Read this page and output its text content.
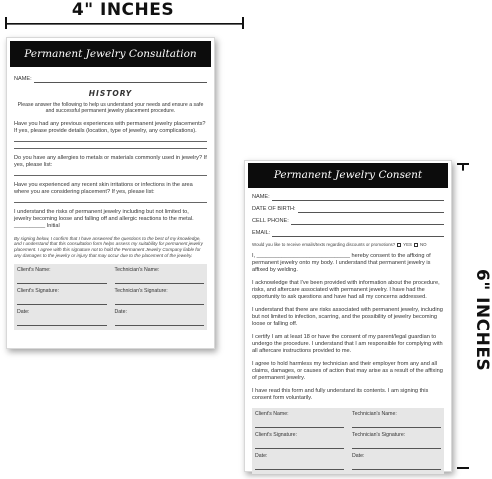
4" INCHES
6" INCHES
Permanent Jewelry Consultation
NAME:
HISTORY
Please answer the following to help us understand your needs and ensure a safe and successful permanent jewelry placement procedure.
Have you had any previous experiences with permanent jewelry placements? If yes, please provide details (location, type of jewelry, any complications).
Do you have any allergies to metals or materials commonly used in jewelry? If yes, please list:
Have you experienced any recent skin irritations or infections in the area where you are considering placement? If yes, please list:
I understand the risks of permanent jewelry including but not limited to, jewelry becoming loose and falling off and allergic reactions to the metal. __________ Initial
By signing below, I confirm that I have answered the questions to the best of my knowledge, and I understand that this consultation form helps assess my suitability for permanent jewelry placement. I agree with this signature not to hold the Permanent Jewelry Company liable for any damages to the jewelry or injury that may occur due to the placement of the jewelry.
Client's Name:	Technician's Name:
Client's Signature:	Technician's Signature:
Date:	Date:
Permanent Jewelry Consent
NAME:
DATE OF BIRTH:
CELL PHONE:
EMAIL:
Would you like to receive emails/texts regarding discounts or promotions? YES NO

I, ______________________________ hereby consent to the affixing of permanent jewelry onto my body. I understand that permanent jewelry is affixed by welding.

I acknowledge that I've been provided with information about the procedure, risks, and aftercare associated with permanent jewelry. I have had the opportunity to ask questions and have had all my concerns addressed.

I understand that there are risks associated with permanent jewelry, including but not limited to infection, scarring, and the possibility of jewelry becoming loose or falling off.

I certify I am at least 18 or have the consent of my parent/legal guardian to undergo the procedure. I understand that I am responsible for complying with all aftercare instructions provided to me.

I agree to hold harmless my technician and their employer from any and all claims, damages, or causes of action that may arise as a result of the affixing of permanent jewelry.

I have read this form and fully understand its contents. I am signing this consent form voluntarily.

Client's Name:	Technician's Name:
Client's Signature:	Technician's Signature:
Date:	Date:
